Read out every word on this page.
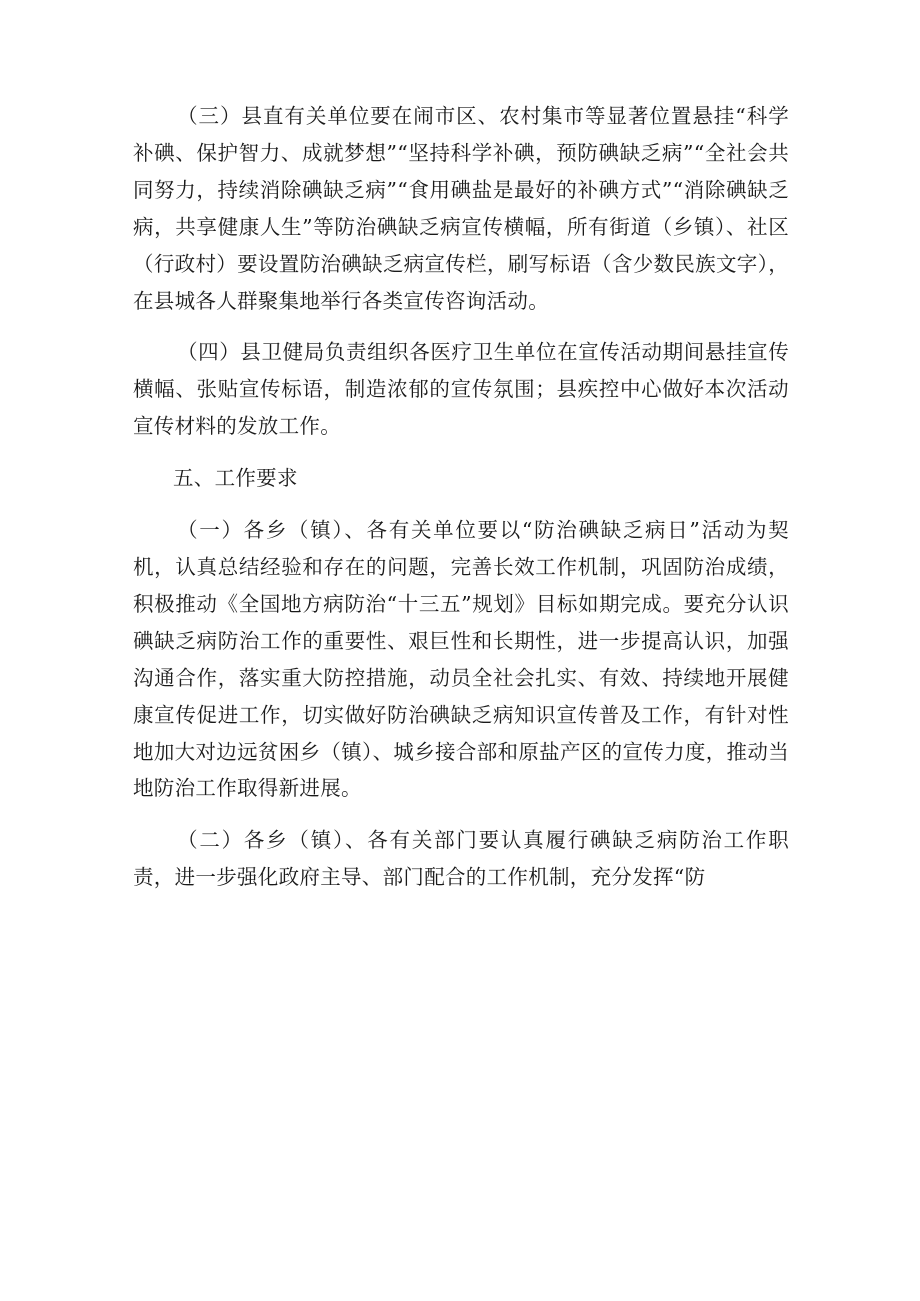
（三）县直有关单位要在闹市区、农村集市等显著位置悬挂“科学补碘、保护智力、成就梦想”“坚持科学补碘，预防碘缺乏病”“全社会共同努力，持续消除碘缺乏病”“食用碘盐是最好的补碘方式”“消除碘缺乏病，共享健康人生”等防治碘缺乏病宣传横幅，所有街道（乡镇）、社区（行政村）要设置防治碘缺乏病宣传栏，刷写标语（含少数民族文字），在县城各人群聚集地举行各类宣传咨询活动。

（四）县卫健局负责组织各医疗卫生单位在宣传活动期间悬挂宣传横幅、张贴宣传标语，制造浓郁的宣传氛围；县疾控中心做好本次活动宣传材料的发放工作。

五、工作要求

（一）各乡（镇）、各有关单位要以“防治碘缺乏病日”活动为契机，认真总结经验和存在的问题，完善长效工作机制，巩固防治成绩，积极推动《全国地方病防治“十三五”规划》目标如期完成。要充分认识碘缺乏病防治工作的重要性、艰巨性和长期性，进一步提高认识，加强沟通合作，落实重大防控措施，动员全社会扎实、有效、持续地开展健康宣传促进工作，切实做好防治碘缺乏病知识宣传普及工作，有针对性地加大对边远贫困乡（镇）、城乡接合部和原盐产区的宣传力度，推动当地防治工作取得新进展。

（二）各乡（镇）、各有关部门要认真履行碘缺乏病防治工作职责，进一步强化政府主导、部门配合的工作机制，充分发挥“防
